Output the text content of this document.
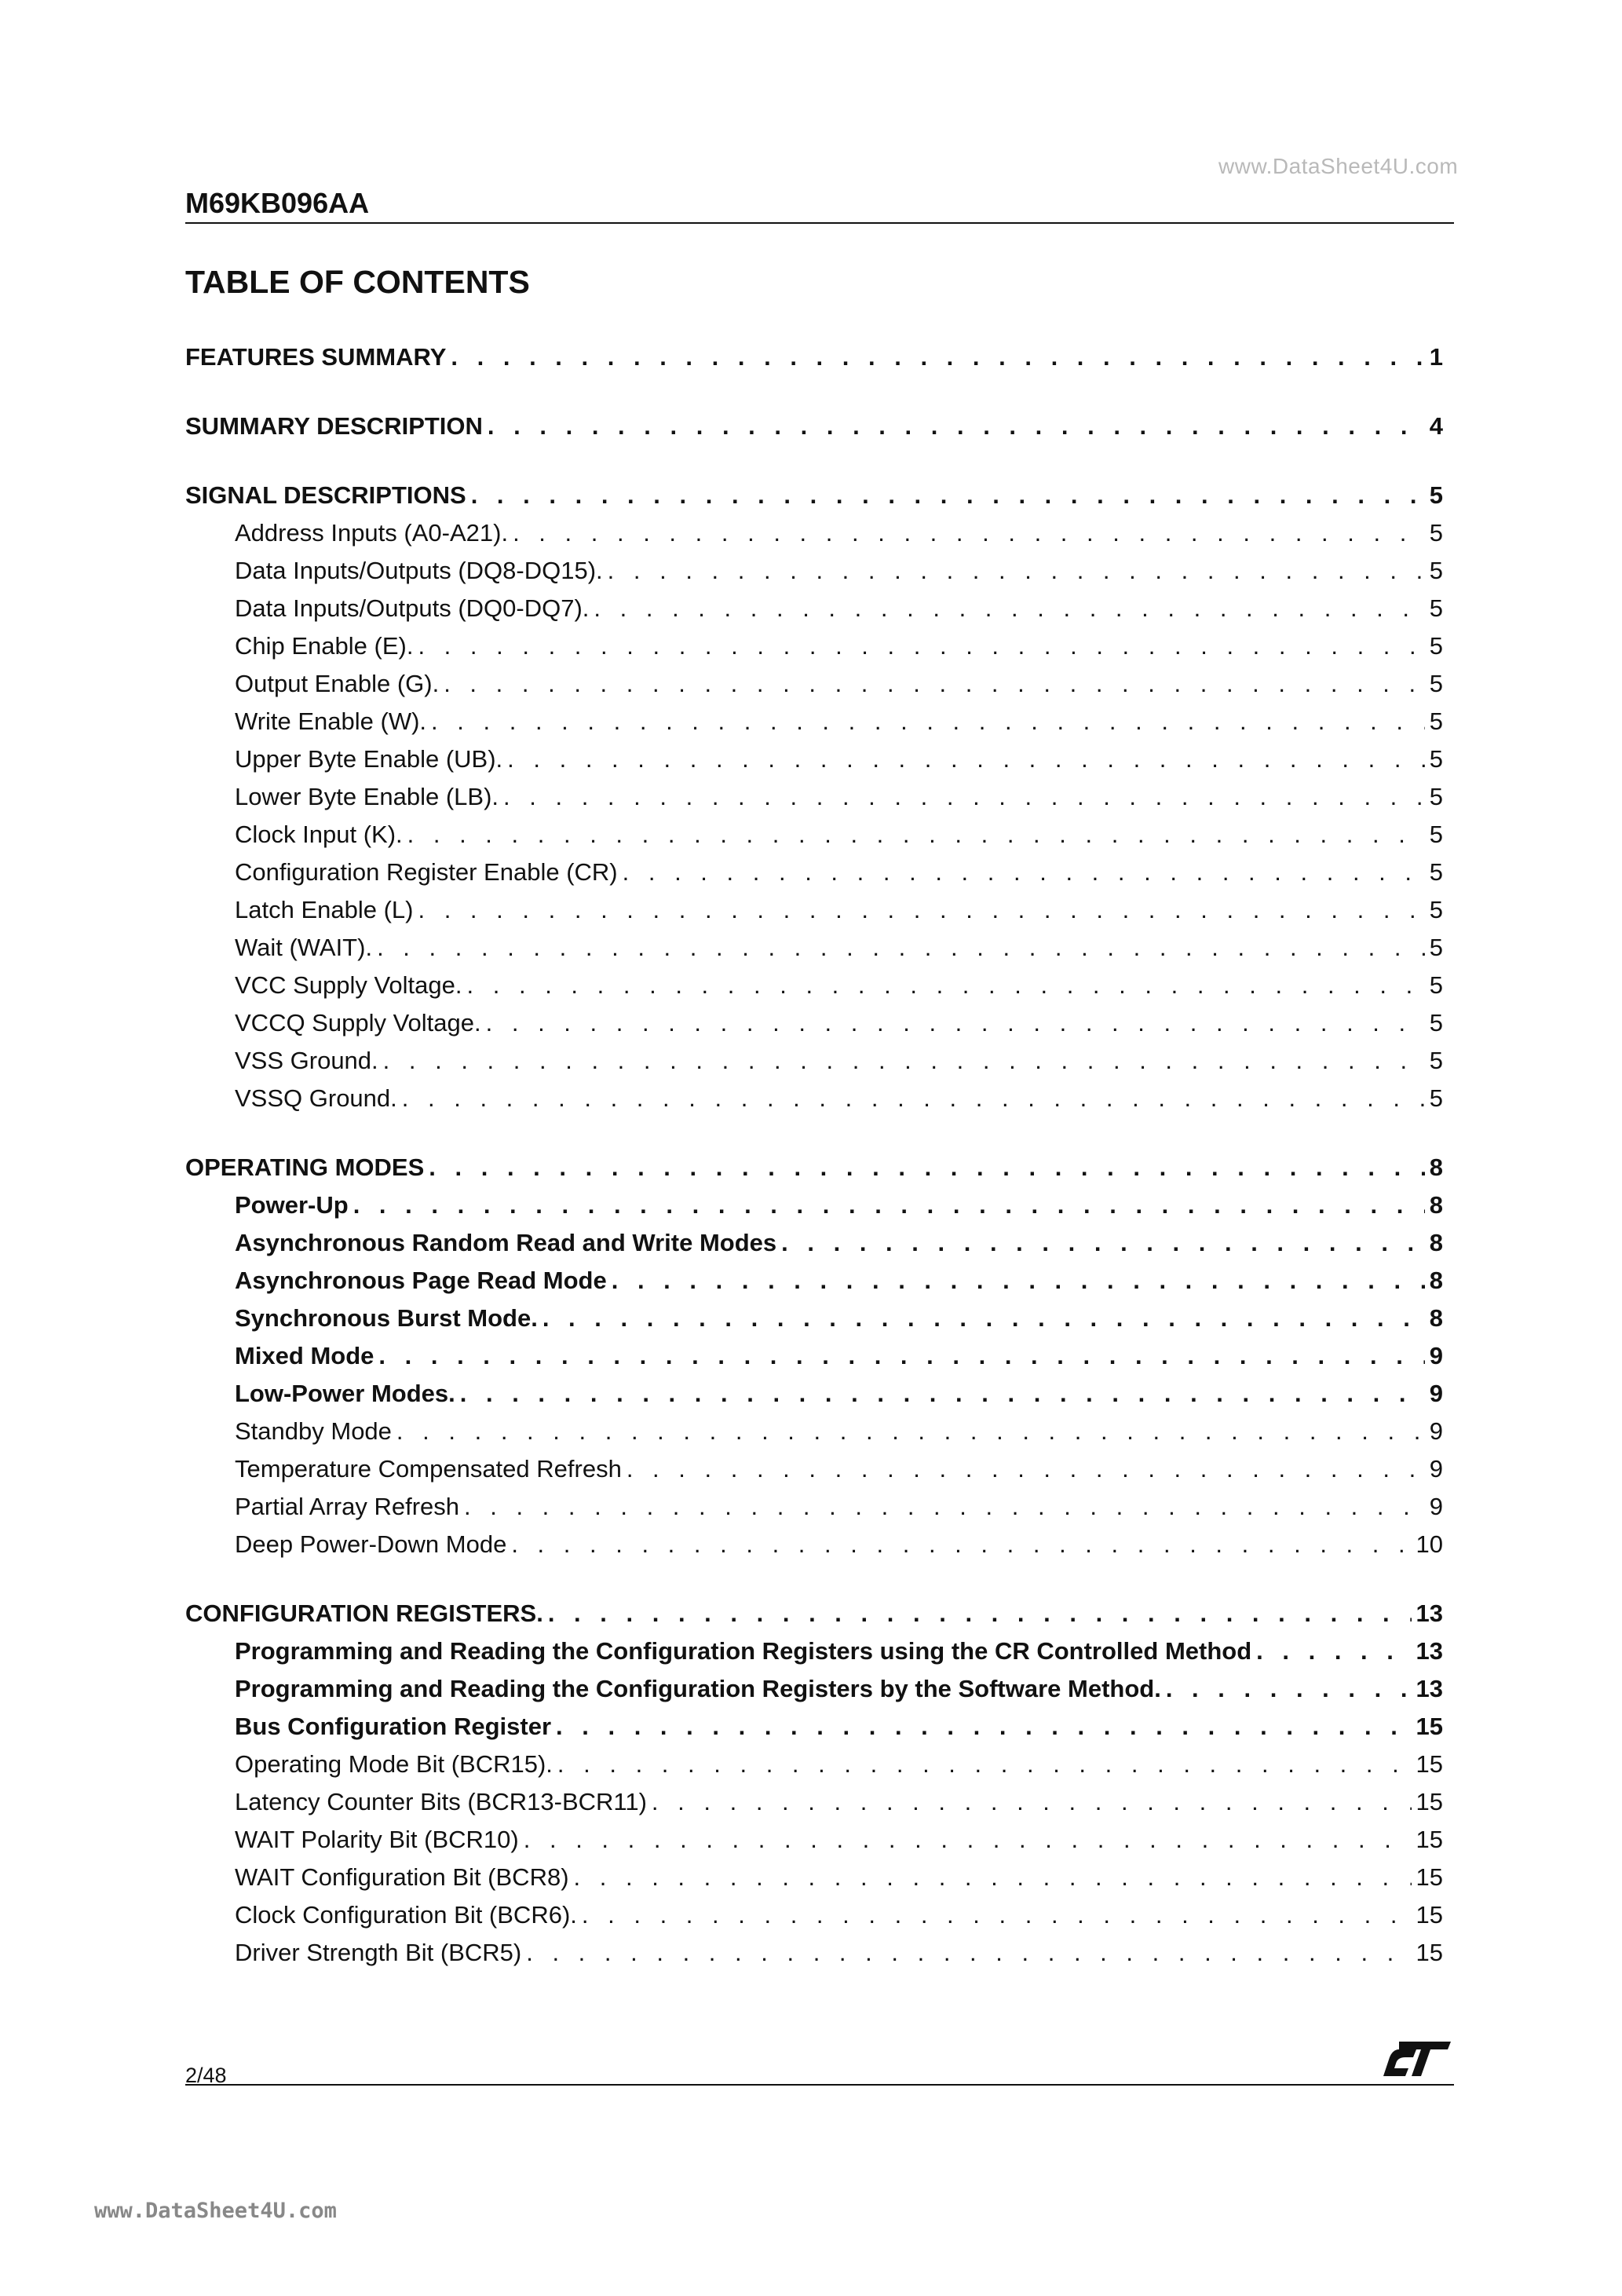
www.DataSheet4U.com
M69KB096AA
TABLE OF CONTENTS
FEATURES SUMMARY . . .	1
SUMMARY DESCRIPTION . . .	4
SIGNAL DESCRIPTIONS . . .	5
Address Inputs (A0-A21). . . .	5
Data Inputs/Outputs (DQ8-DQ15). . . .	5
Data Inputs/Outputs (DQ0-DQ7). . . .	5
Chip Enable (E). . . .	5
Output Enable (G). . . .	5
Write Enable (W). . . .	5
Upper Byte Enable (UB). . . .	5
Lower Byte Enable (LB). . . .	5
Clock Input (K). . . .	5
Configuration Register Enable (CR) . . .	5
Latch Enable (L) . . .	5
Wait (WAIT). . . .	5
VCC Supply Voltage. . . .	5
VCCQ Supply Voltage. . . .	5
VSS Ground. . . .	5
VSSQ Ground. . . .	5
OPERATING MODES . . .	8
Power-Up . . .	8
Asynchronous Random Read and Write Modes . . .	8
Asynchronous Page Read Mode . . .	8
Synchronous Burst Mode. . . .	8
Mixed Mode . . .	9
Low-Power Modes. . . .	9
Standby Mode . . .	9
Temperature Compensated Refresh . . .	9
Partial Array Refresh . . .	9
Deep Power-Down Mode . . .	10
CONFIGURATION REGISTERS. . . .	13
Programming and Reading the Configuration Registers using the CR Controlled Method . . .	13
Programming and Reading the Configuration Registers by the Software Method. . . .	13
Bus Configuration Register . . .	15
Operating Mode Bit (BCR15). . . .	15
Latency Counter Bits (BCR13-BCR11) . . .	15
WAIT Polarity Bit (BCR10) . . .	15
WAIT Configuration Bit (BCR8) . . .	15
Clock Configuration Bit (BCR6). . . .	15
Driver Strength Bit (BCR5) . . .	15
2/48
www.DataSheet4U.com
